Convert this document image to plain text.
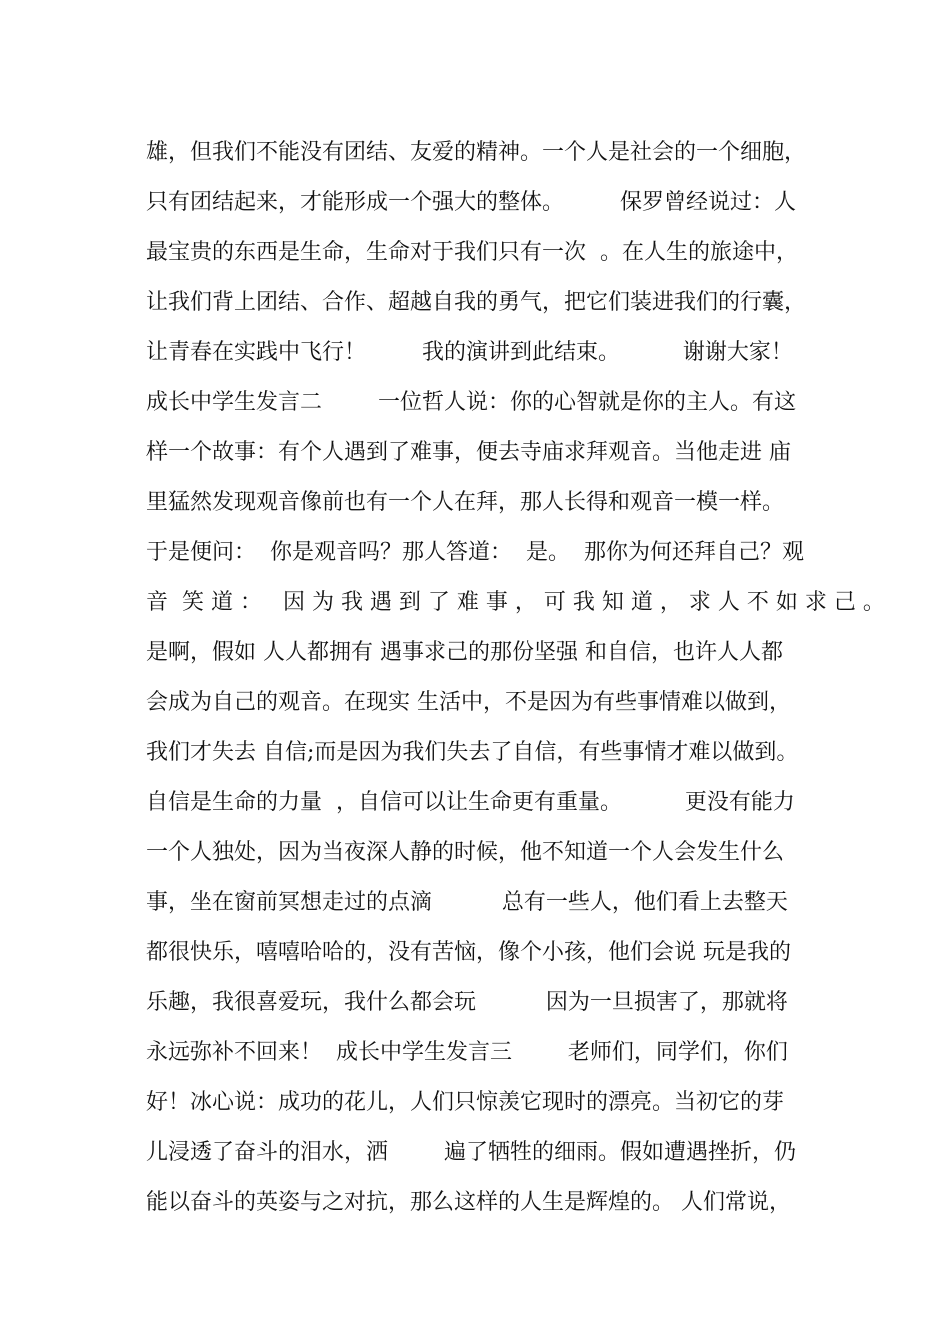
雄，但我们不能没有团结、友爱的精神。一个人是社会的一个细胞，
只有团结起来，才能形成一个强大的整体。        保罗曾经说过：人
最宝贵的东西是生命，生命对于我们只有一次  。在人生的旅途中，
让我们背上团结、合作、超越自我的勇气，把它们装进我们的行囊，
让青春在实践中飞行！        我的演讲到此结束。         谢谢大家！
成长中学生发言二        一位哲人说：你的心智就是你的主人。有这
样一个故事：有个人遇到了难事，便去寺庙求拜观音。当他走进 庙
里猛然发现观音像前也有一个人在拜，那人长得和观音一模一样。
于是便问：  你是观音吗？那人答道：  是。  那你为何还拜自己？观
音  笑 道 ：   因 为 我 遇 到 了 难 事 ， 可 我 知 道 ， 求 人 不 如 求 己 。
是啊，假如 人人都拥有 遇事求己的那份坚强 和自信，也许人人都
会成为自己的观音。在现实 生活中，不是因为有些事情难以做到，
我们才失去 自信;而是因为我们失去了自信，有些事情才难以做到。
自信是生命的力量  ，自信可以让生命更有重量。         更没有能力
一个人独处，因为当夜深人静的时候，他不知道一个人会发生什么
事，坐在窗前冥想走过的点滴          总有一些人，他们看上去整天
都很快乐，嘻嘻哈哈的，没有苦恼，像个小孩，他们会说 玩是我的
乐趣，我很喜爱玩，我什么都会玩          因为一旦损害了，那就将
永远弥补不回来！  成长中学生发言三        老师们，同学们，你们
好！冰心说：成功的花儿，人们只惊羡它现时的漂亮。当初它的芽
儿浸透了奋斗的泪水，洒        遍了牺牲的细雨。假如遭遇挫折，仍
能以奋斗的英姿与之对抗，那么这样的人生是辉煌的。 人们常说，
